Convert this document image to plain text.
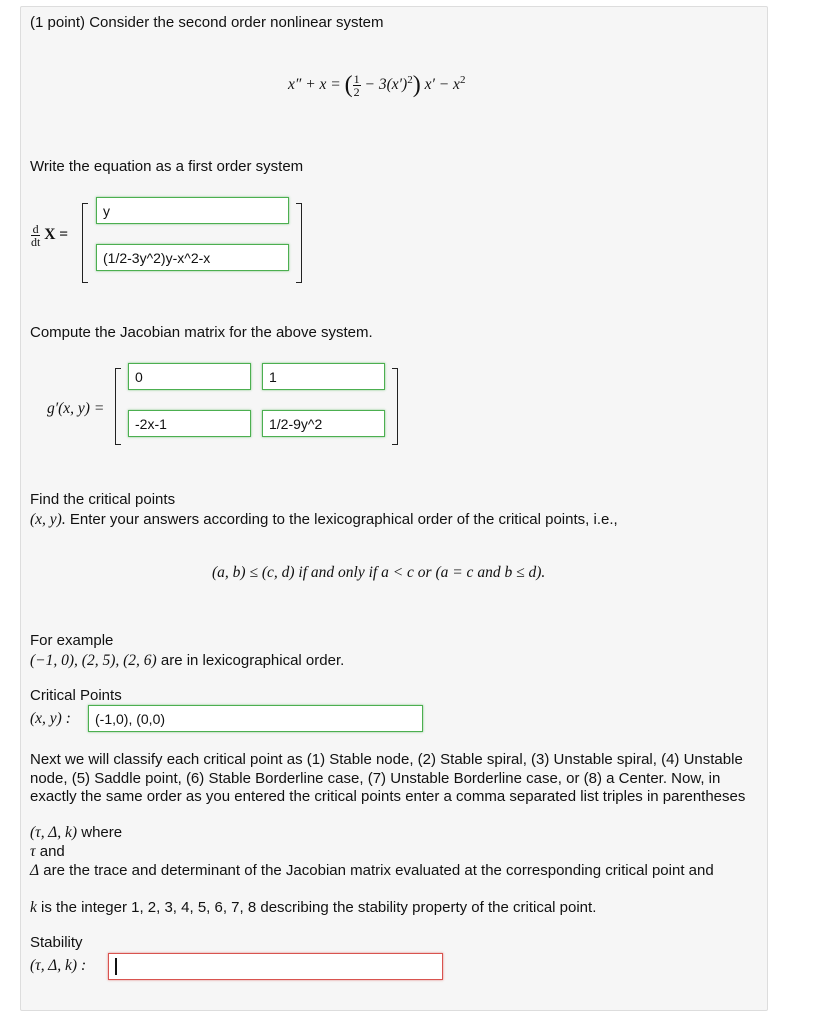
(1 point) Consider the second order nonlinear system
x″ + x = ( $\frac{1}{2} - 3(x')^2$) $x' - x^2$
Write the equation as a first order system
$\frac{d}{dt}$ X =
y
(1/2-3y^2)y-x^2-x
Compute the Jacobian matrix for the above system.
g′(x, y) =
0
1
-2x-1
1/2-9y^2
Find the critical points
(x, y). Enter your answers according to the lexicographical order of the critical points, i.e.,
(a, b) ≤ (c, d) if and only if a < c or (a = c and b ≤ d).
For example
(−1, 0), (2, 5), (2, 6) are in lexicographical order.
Critical Points
(x, y) :
(-1,0), (0,0)
Next we will classify each critical point as (1) Stable node, (2) Stable spiral, (3) Unstable spiral, (4) Unstable node, (5) Saddle point, (6) Stable Borderline case, (7) Unstable Borderline case, or (8) a Center. Now, in exactly the same order as you entered the critical points enter a comma separated list triples in parentheses
(τ, Δ, k) where
τ and
Δ are the trace and determinant of the Jacobian matrix evaluated at the corresponding critical point and
k is the integer 1, 2, 3, 4, 5, 6, 7, 8 describing the stability property of the critical point.
Stability
(τ, Δ, k) :
